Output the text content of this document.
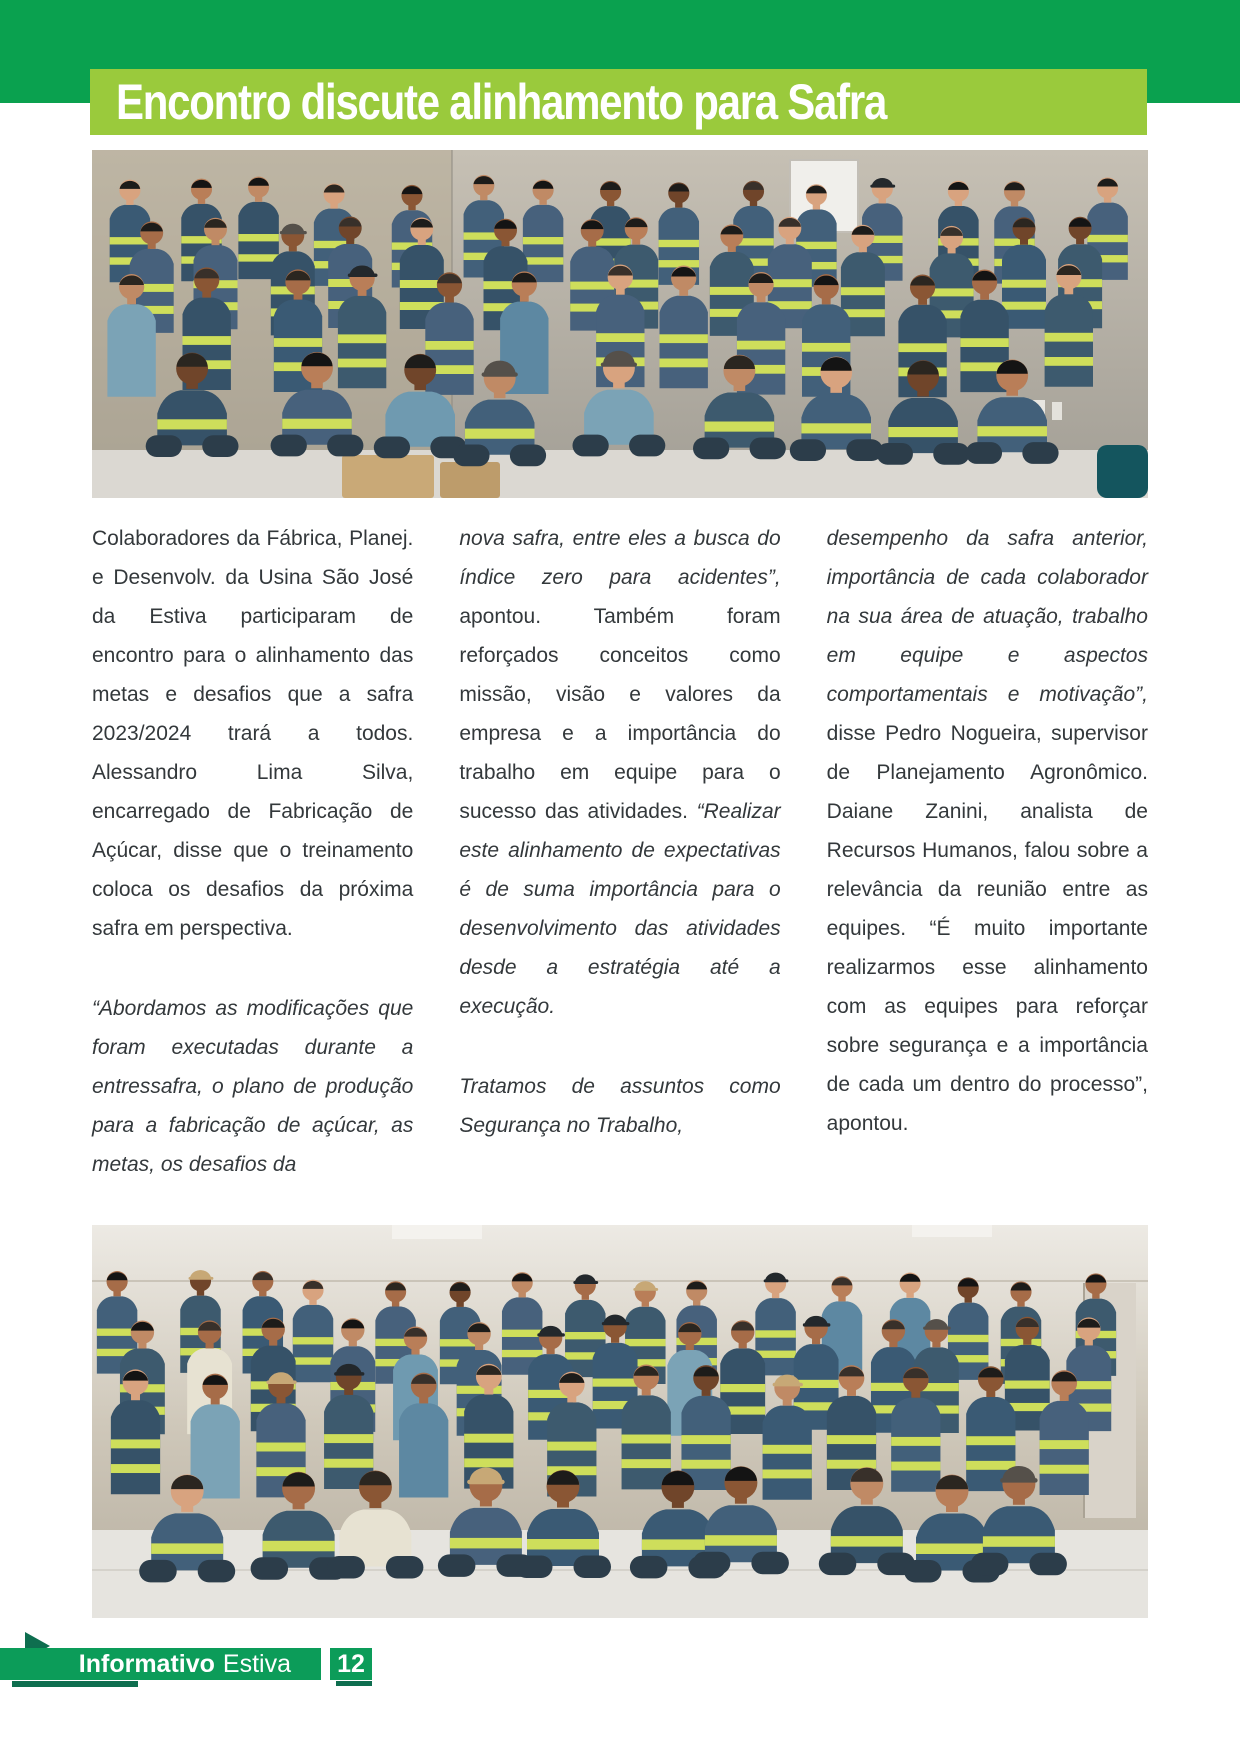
Encontro discute alinhamento para Safra

Colaboradores da Fábrica, Planej. e Desenvolv. da Usina São José da Estiva participaram de encontro para o alinhamento das metas e desafios que a safra 2023/2024 trará a todos. Alessandro Lima Silva, encarregado de Fabricação de Açúcar, disse que o treinamento coloca os desafios da próxima safra em perspectiva.

“Abordamos as modificações que foram executadas durante a entressafra, o plano de produção para a fabricação de açúcar, as metas, os desafios da

nova safra, entre eles a busca do índice zero para acidentes”, apontou. Também foram reforçados conceitos como missão, visão e valores da empresa e a importância do trabalho em equipe para o sucesso das atividades. “Realizar este alinhamento de expectativas é de suma importância para o desenvolvimento das atividades desde a estratégia até a execução.

Tratamos de assuntos como Segurança no Trabalho,

desempenho da safra anterior, importância de cada colaborador na sua área de atuação, trabalho em equipe e aspectos comportamentais e motivação”, disse Pedro Nogueira, supervisor de Planejamento Agronômico. Daiane Zanini, analista de Recursos Humanos, falou sobre a relevância da reunião entre as equipes. “É muito importante realizarmos esse alinhamento com as equipes para reforçar sobre segurança e a importância de cada um dentro do processo”, apontou.

Informativo Estiva 12
